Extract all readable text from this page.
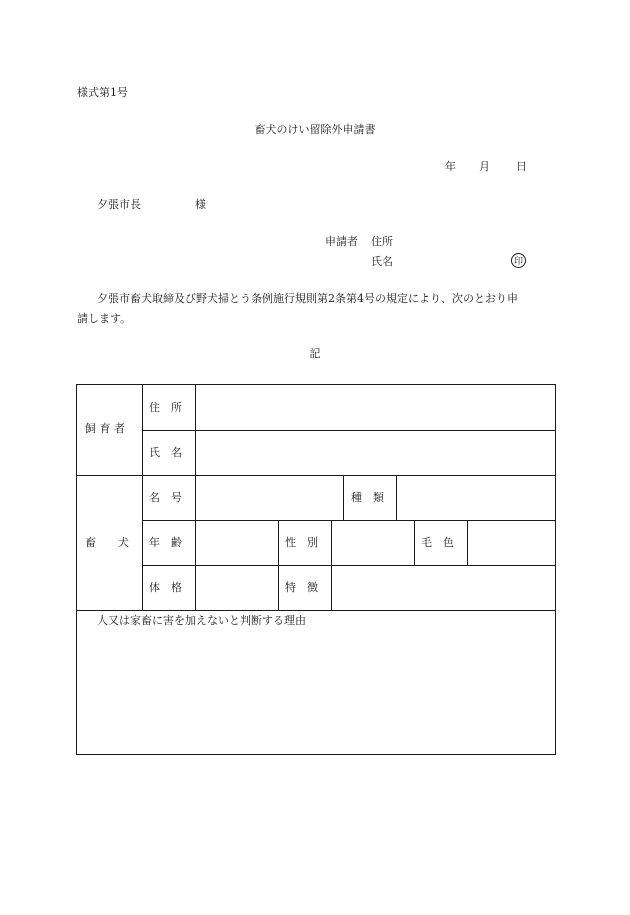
様式第1号
畜犬のけい留除外申請書
年 月 日
夕張市長	様
申請者 住所
氏名	印
夕張市畜犬取締及び野犬掃とう条例施行規則第2条第4号の規定により、次のとおり申
請します。
記
飼 育 者
住　所
氏　名
畜　　犬
名　号	種　類
年　齢	性　別	毛　色
体　格	特　徴
人又は家畜に害を加えないと判断する理由
